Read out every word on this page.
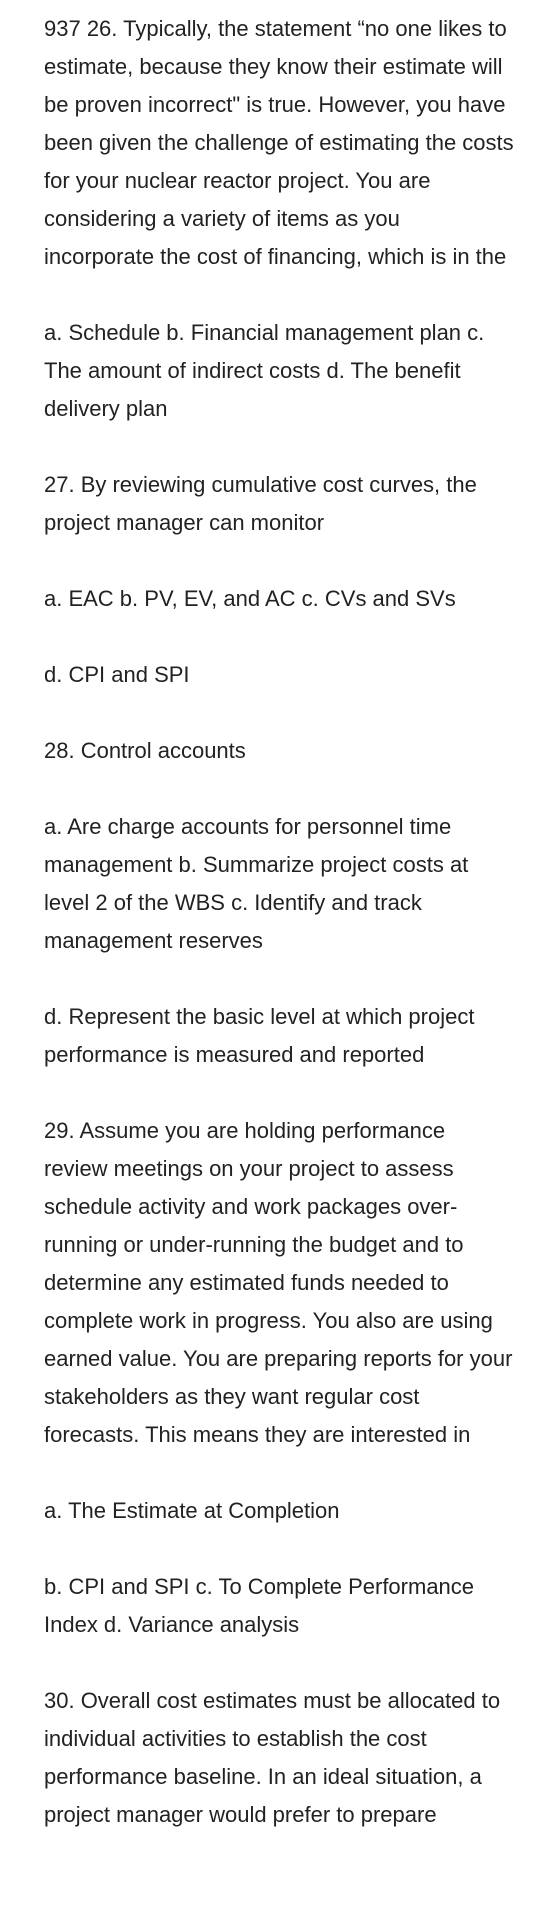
937 26. Typically, the statement “no one likes to estimate, because they know their estimate will be proven incorrect" is true. However, you have been given the challenge of estimating the costs for your nuclear reactor project. You are considering a variety of items as you incorporate the cost of financing, which is in the

a. Schedule b. Financial management plan c. The amount of indirect costs d. The benefit delivery plan

27. By reviewing cumulative cost curves, the project manager can monitor

a. EAC b. PV, EV, and AC c. CVs and SVs

d. CPI and SPI

28. Control accounts

a. Are charge accounts for personnel time management b. Summarize project costs at level 2 of the WBS c. Identify and track management reserves

d. Represent the basic level at which project performance is measured and reported

29. Assume you are holding performance review meetings on your project to assess schedule activity and work packages over-running or under-running the budget and to determine any estimated funds needed to complete work in progress. You also are using earned value. You are preparing reports for your stakeholders as they want regular cost forecasts. This means they are interested in

a. The Estimate at Completion

b. CPI and SPI c. To Complete Performance Index d. Variance analysis

30. Overall cost estimates must be allocated to individual activities to establish the cost performance baseline. In an ideal situation, a project manager would prefer to prepare
